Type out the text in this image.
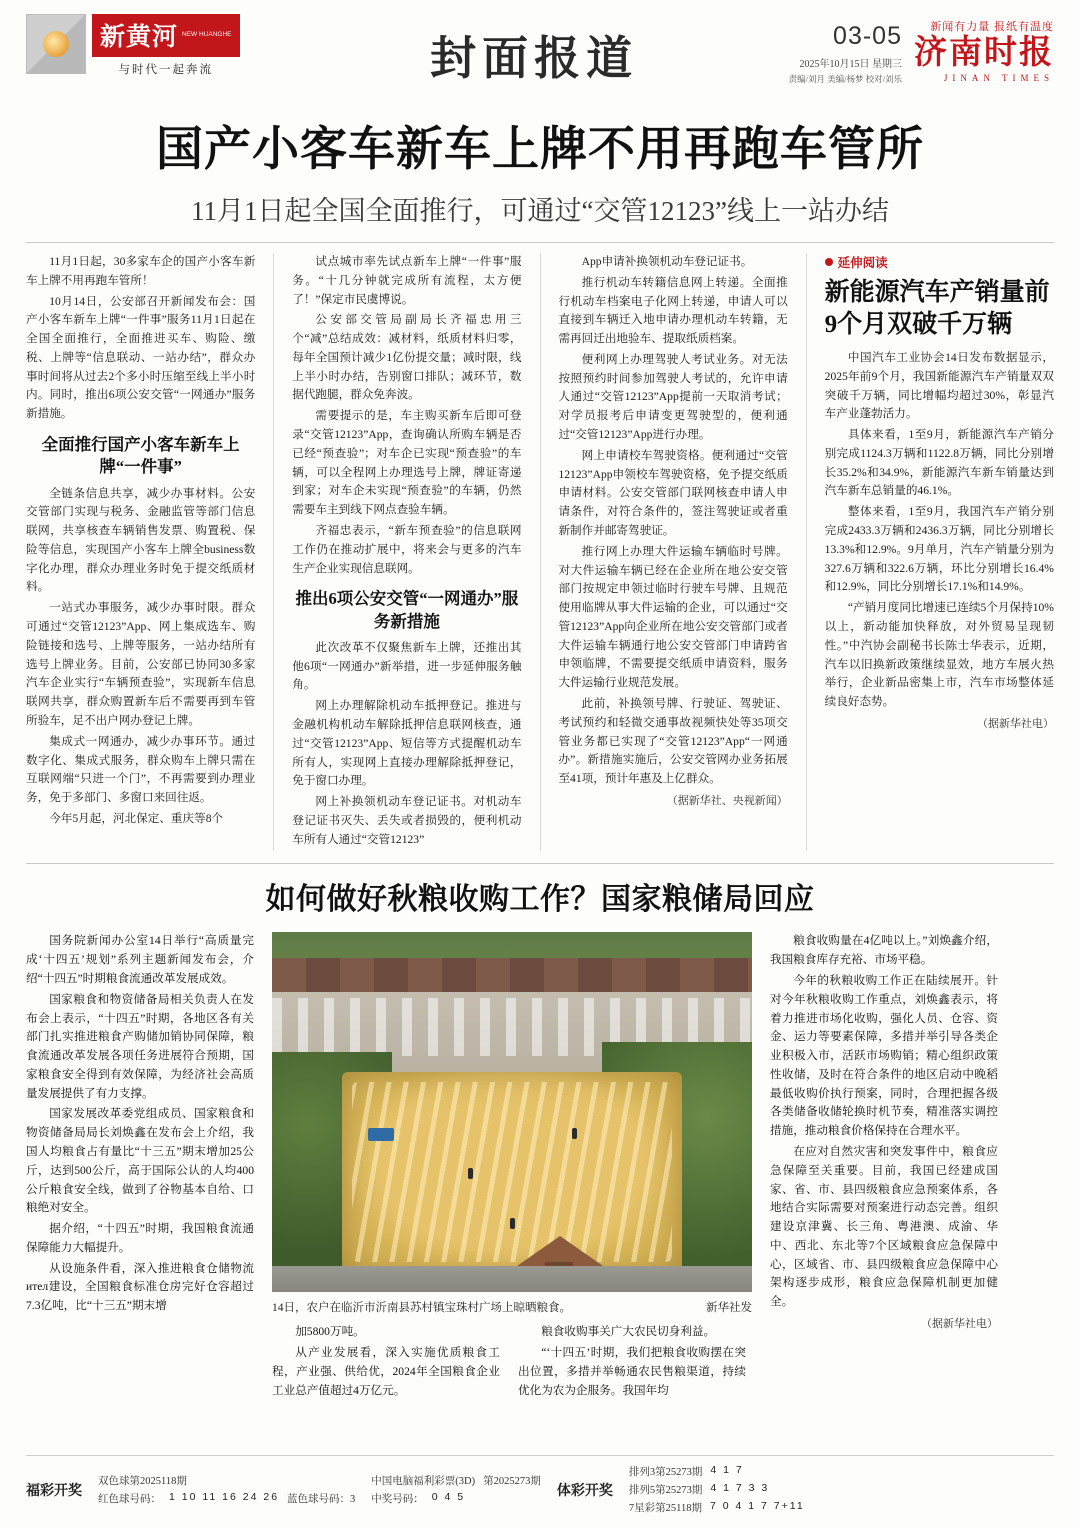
新黄河 NEW HUANGHE
与时代一起奔流	封面报道	03-05
2025年10月15日 星期三
责编/刘月 美编/杨梦 校对/刘乐
新闻有力量 报纸有温度
济南时报
JINAN TIMES
国产小客车新车上牌不用再跑车管所
11月1日起全国全面推行，可通过“交管12123”线上一站办结

11月1日起，30多家车企的国产小客车新车上牌不用再跑车管所！

10月14日，公安部召开新闻发布会：国产小客车新车上牌“一件事”服务11月1日起在全国全面推行，全面推进买车、购险、缴税、上牌等“信息联动、一站办结”，群众办事时间将从过去2个多小时压缩至线上半小时内。同时，推出6项公安交管“一网通办”服务新措施。

全面推行国产小客车新车上牌“一件事”

全链条信息共享，减少办事材料。公安交管部门实现与税务、金融监管等部门信息联网，共享核查车辆销售发票、购置税、保险等信息，实现国产小客车上牌全business数字化办理，群众办理业务时免于提交纸质材料。

一站式办事服务，减少办事时限。群众可通过“交管12123”App、网上集成选车、购险链接和选号、上牌等服务，一站办结所有选号上牌业务。目前，公安部已协同30多家汽车企业实行“车辆预查验”，实现新车信息联网共享，群众购置新车后不需要再到车管所验车，足不出户网办登记上牌。

集成式一网通办，减少办事环节。通过数字化、集成式服务，群众购车上牌只需在互联网端“只进一个门”，不再需要到办理业务，免于多部门、多窗口来回往返。

今年5月起，河北保定、重庆等8个

试点城市率先试点新车上牌“一件事”服务。“十几分钟就完成所有流程，太方便了！”保定市民虞博说。

公安部交管局副局长齐福忠用三个“减”总结成效：减材料，纸质材料归零，每年全国预计减少1亿份提交量；减时限，线上半小时办结，告别窗口排队；减环节，数据代跑腿，群众免奔波。

需要提示的是，车主购买新车后即可登录“交管12123”App，查询确认所购车辆是否已经“预查验”；对车企已实现“预查验”的车辆，可以全程网上办理选号上牌，牌证寄递到家；对车企未实现“预查验”的车辆，仍然需要车主到线下网点查验车辆。

齐福忠表示，“新车预查验”的信息联网工作仍在推动扩展中，将来会与更多的汽车生产企业实现信息联网。

推出6项公安交管“一网通办”服务新措施

此次改革不仅聚焦新车上牌，还推出其他6项“一网通办”新举措，进一步延伸服务触角。

网上办理解除机动车抵押登记。推进与金融机构机动车解除抵押信息联网核查，通过“交管12123”App、短信等方式提醒机动车所有人，实现网上直接办理解除抵押登记，免于窗口办理。

网上补换领机动车登记证书。对机动车登记证书灭失、丢失或者损毁的，便利机动车所有人通过“交管12123”

App申请补换领机动车登记证书。

推行机动车转籍信息网上转递。全面推行机动车档案电子化网上转递，申请人可以直接到车辆迁入地申请办理机动车转籍，无需再回迁出地验车、提取纸质档案。

便利网上办理驾驶人考试业务。对无法按照预约时间参加驾驶人考试的，允许申请人通过“交管12123”App提前一天取消考试；对学员报考后申请变更驾驶型的，便利通过“交管12123”App进行办理。

网上申请校车驾驶资格。便利通过“交管12123”App申领校车驾驶资格，免予提交纸质申请材料。公安交管部门联网核查申请人申请条件，对符合条件的，签注驾驶证或者重新制作并邮寄驾驶证。

推行网上办理大件运输车辆临时号牌。对大件运输车辆已经在企业所在地公安交管部门按规定申领过临时行驶车号牌、且规范使用临牌从事大件运输的企业，可以通过“交管12123”App向企业所在地公安交管部门或者大件运输车辆通行地公安交管部门申请跨省申领临牌，不需要提交纸质申请资料，服务大件运输行业规范发展。

此前，补换领号牌、行驶证、驾驶证、考试预约和轻微交通事故视频快处等35项交管业务都已实现了“交管12123”App“一网通办”。新措施实施后，公安交管网办业务拓展至41项，预计年惠及上亿群众。

（据新华社、央视新闻）
延伸阅读
新能源汽车产销量前9个月双破千万辆

中国汽车工业协会14日发布数据显示，2025年前9个月，我国新能源汽车产销量双双突破千万辆，同比增幅均超过30%，彰显汽车产业蓬勃活力。

具体来看，1至9月，新能源汽车产销分别完成1124.3万辆和1122.8万辆，同比分别增长35.2%和34.9%，新能源汽车新车销量达到汽车新车总销量的46.1%。

整体来看，1至9月，我国汽车产销分别完成2433.3万辆和2436.3万辆，同比分别增长13.3%和12.9%。9月单月，汽车产销量分别为327.6万辆和322.6万辆，环比分别增长16.4%和12.9%，同比分别增长17.1%和14.9%。

“产销月度同比增速已连续5个月保持10%以上，新动能加快释放，对外贸易呈现韧性。”中汽协会副秘书长陈士华表示，近期，汽车以旧换新政策继续显效，地方车展火热举行，企业新品密集上市，汽车市场整体延续良好态势。

（据新华社电）
如何做好秋粮收购工作？国家粮储局回应

国务院新闻办公室14日举行“高质量完成‘十四五’规划”系列主题新闻发布会，介绍“十四五”时期粮食流通改革发展成效。

国家粮食和物资储备局相关负责人在发布会上表示，“十四五”时期，各地区各有关部门扎实推进粮食产购储加销协同保障，粮食流通改革发展各项任务进展符合预期，国家粮食安全得到有效保障，为经济社会高质量发展提供了有力支撑。

国家发展改革委党组成员、国家粮食和物资储备局局长刘焕鑫在发布会上介绍，我国人均粮食占有量比“十三五”期末增加25公斤，达到500公斤，高于国际公认的人均400公斤粮食安全线，做到了谷物基本自给、口粮绝对安全。

据介绍，“十四五”时期，我国粮食流通保障能力大幅提升。

从设施条件看，深入推进粮食仓储物流ител建设，全国粮食标准仓房完好仓容超过7.3亿吨，比“十三五”期末增	14日，农户在临沂市沂南县苏村镇宝珠村广场上晾晒粮食。	新华社发

加5800万吨。

从产业发展看，深入实施优质粮食工程，产业强、供给优，2024年全国粮食企业工业总产值超过4万亿元。

粮食收购事关广大农民切身利益。

“‘十四五’时期，我们把粮食收购摆在突出位置，多措并举畅通农民售粮渠道，持续优化为农为企服务。我国年均

粮食收购量在4亿吨以上。”刘焕鑫介绍，我国粮食库存充裕、市场平稳。

今年的秋粮收购工作正在陆续展开。针对今年秋粮收购工作重点，刘焕鑫表示，将着力推进市场化收购，强化人员、仓容、资金、运力等要素保障，多措并举引导各类企业积极入市，活跃市场购销；精心组织政策性收储，及时在符合条件的地区启动中晚稻最低收购价执行预案，同时，合理把握各级各类储备收储轮换时机节奏，精准落实调控措施，推动粮食价格保持在合理水平。

在应对自然灾害和突发事件中，粮食应急保障至关重要。目前，我国已经建成国家、省、市、县四级粮食应急预案体系，各地结合实际需要对预案进行动态完善。组织建设京津冀、长三角、粤港澳、成渝、华中、西北、东北等7个区域粮食应急保障中心，区域省、市、县四级粮食应急保障中心架构逐步成形，粮食应急保障机制更加健全。

（据新华社电）
福彩开奖
双色球第2025118期
红色球号码： 1 10 11 16 24 26 蓝色球号码：3
中国电脑福利彩票(3D) 第2025273期
中奖号码： 0 4 5	体彩开奖
排列3第25273期 4 1 7
排列5第25273期 4 1 7 3 3
7星彩第25118期 7 0 4 1 7 7+11
